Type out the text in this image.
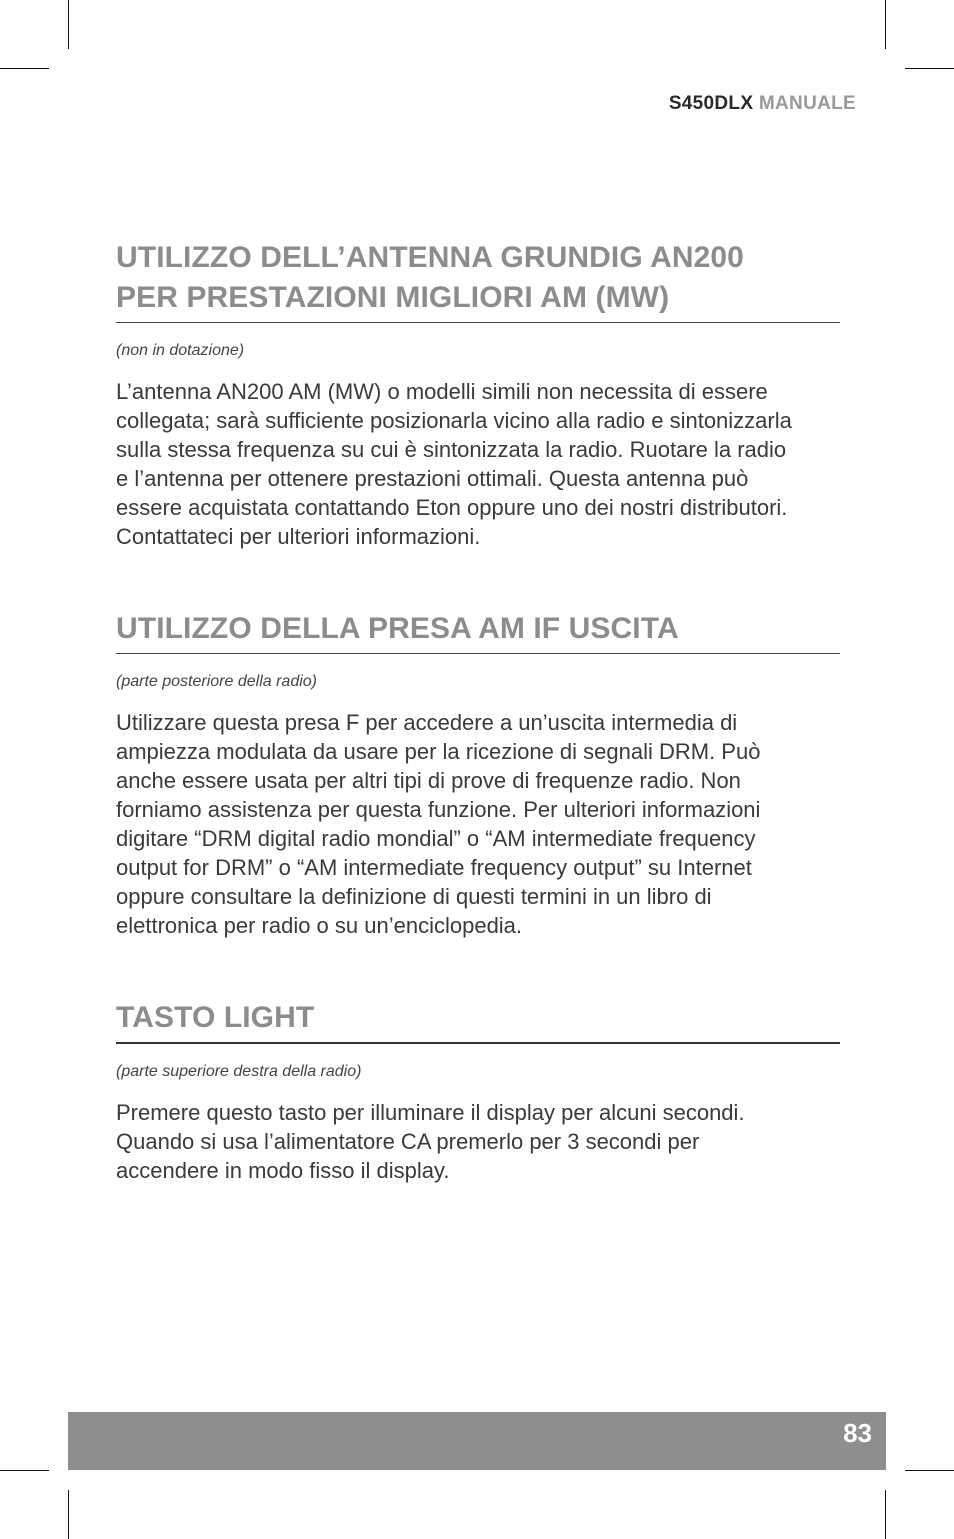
S450DLX MANUALE
UTILIZZO DELL’ANTENNA GRUNDIG AN200
PER PRESTAZIONI MIGLIORI AM (MW)

(non in dotazione)

L’antenna AN200 AM (MW) o modelli simili non necessita di essere
collegata; sarà sufficiente posizionarla vicino alla radio e sintonizzarla
sulla stessa frequenza su cui è sintonizzata la radio. Ruotare la radio
e l’antenna per ottenere prestazioni ottimali. Questa antenna può
essere acquistata contattando Eton oppure uno dei nostri distributori.
Contattateci per ulteriori informazioni.

UTILIZZO DELLA PRESA AM IF USCITA

(parte posteriore della radio)

Utilizzare questa presa F per accedere a un’uscita intermedia di
ampiezza modulata da usare per la ricezione di segnali DRM. Può
anche essere usata per altri tipi di prove di frequenze radio. Non
forniamo assistenza per questa funzione. Per ulteriori informazioni
digitare “DRM digital radio mondial” o “AM intermediate frequency
output for DRM” o “AM intermediate frequency output” su Internet
oppure consultare la definizione di questi termini in un libro di
elettronica per radio o su un’enciclopedia.

TASTO LIGHT

(parte superiore destra della radio)

Premere questo tasto per illuminare il display per alcuni secondi.
Quando si usa l’alimentatore CA premerlo per 3 secondi per
accendere in modo fisso il display.

83
